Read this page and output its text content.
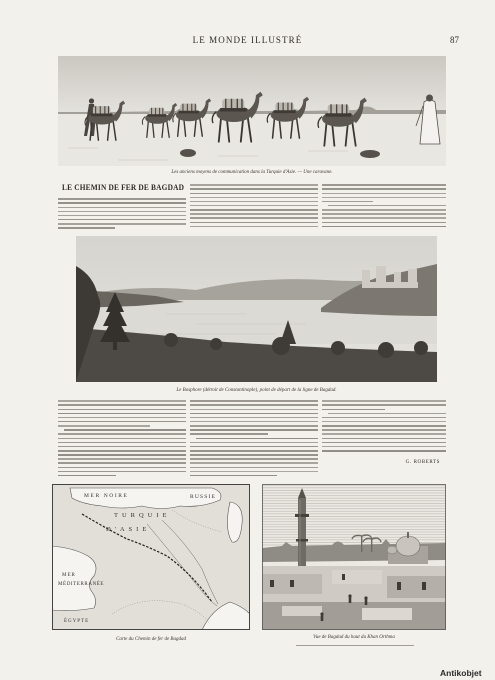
LE MONDE ILLUSTRÉ	87
Les anciens moyens de communication dans la Turquie d'Asie. — Une caravane.
LE CHEMIN DE FER DE BAGDAD
Le Bosphore (détroit de Constantinople), point de départ de la ligne de Bagdad.
G. ROBERTS
MER NOIRE	RUSSIE
TURQUIE
D'ASIE
MER
MÉDITERRANÉE
ÉGYPTE
Carte du Chemin de fer de Bagdad	Vue de Bagdad du haut du Khan Orthma
Antikobjet
